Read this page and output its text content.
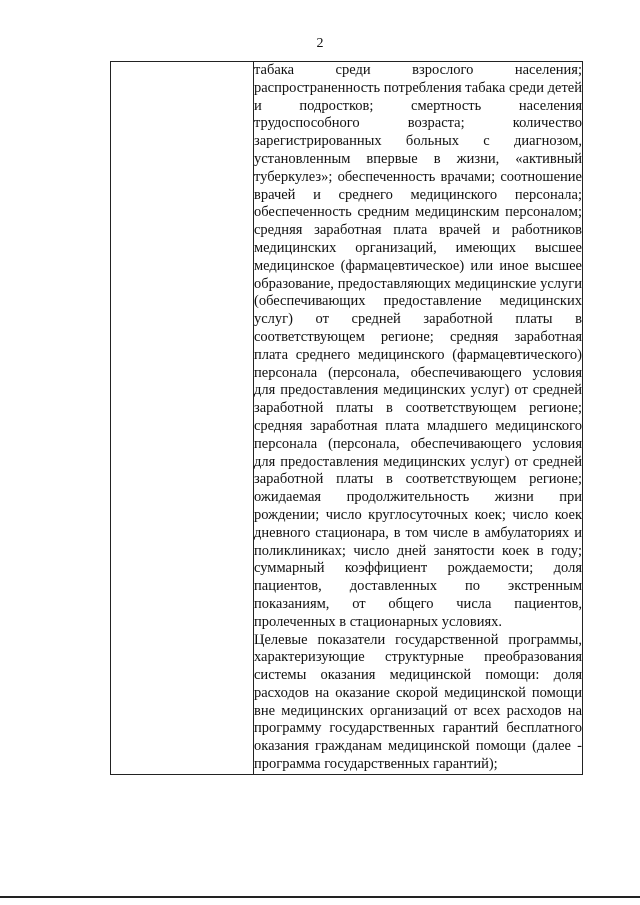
2

табака среди взрослого населения; распространенность потребления табака среди детей и подростков; смертность населения трудоспособного возраста; количество зарегистрированных больных с диагнозом, установленным впервые в жизни, «активный туберкулез»; обеспеченность врачами; соотношение врачей и среднего медицинского персонала; обеспеченность средним медицинским персоналом; средняя заработная плата врачей и работников медицинских организаций, имеющих высшее медицинское (фармацевтическое) или иное высшее образование, предоставляющих медицинские услуги (обеспечивающих предоставление медицинских услуг) от средней заработной платы в соответствующем регионе; средняя заработная плата среднего медицинского (фармацевтического) персонала (персонала, обеспечивающего условия для предоставления медицинских услуг) от средней заработной платы в соответствующем регионе; средняя заработная плата младшего медицинского персонала (персонала, обеспечивающего условия для предоставления медицинских услуг) от средней заработной платы в соответствующем регионе; ожидаемая продолжительность жизни при рождении; число круглосуточных коек; число коек дневного стационара, в том числе в амбулаториях и поликлиниках; число дней занятости коек в году; суммарный коэффициент рождаемости; доля пациентов, доставленных по экстренным показаниям, от общего числа пациентов, пролеченных в стационарных условиях.

Целевые показатели государственной программы, характеризующие структурные преобразования системы оказания медицинской помощи: доля расходов на оказание скорой медицинской помощи вне медицинских организаций от всех расходов на программу государственных гарантий бесплатного оказания гражданам медицинской помощи (далее - программа государственных гарантий);
